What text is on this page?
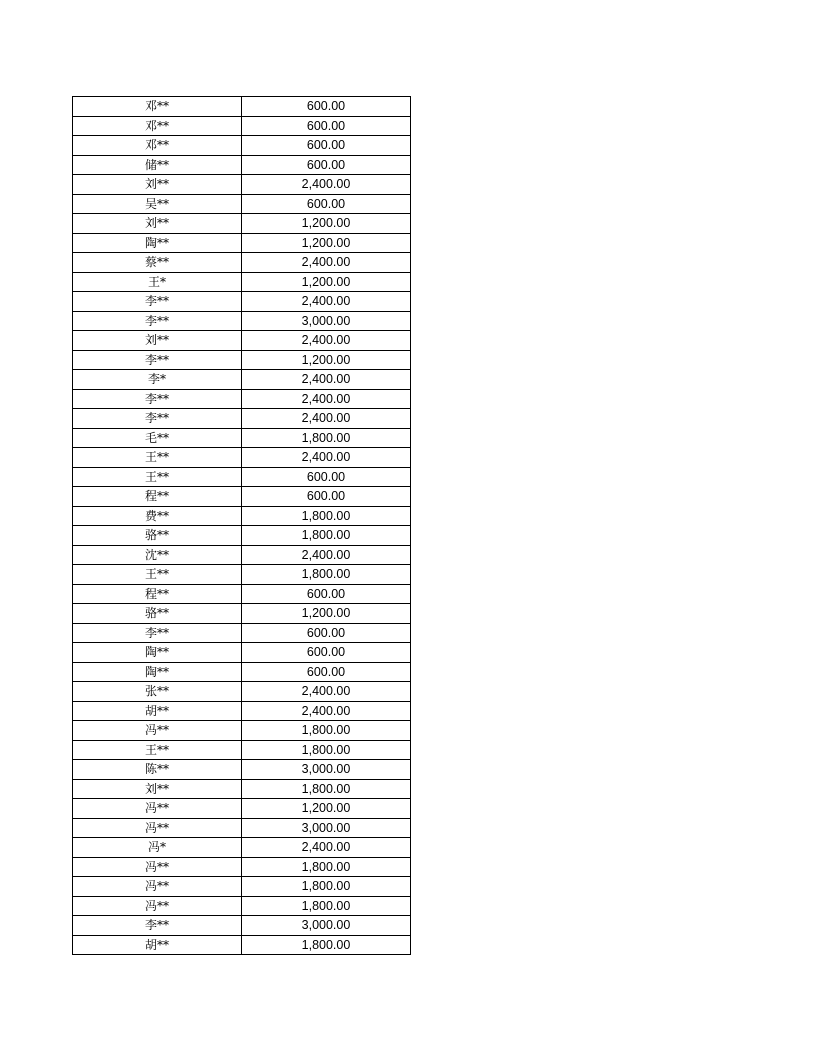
邓**	600.00
邓**	600.00
邓**	600.00
储**	600.00
刘**	2,400.00
吴**	600.00
刘**	1,200.00
陶**	1,200.00
蔡**	2,400.00
王*	1,200.00
李**	2,400.00
李**	3,000.00
刘**	2,400.00
李**	1,200.00
李*	2,400.00
李**	2,400.00
李**	2,400.00
毛**	1,800.00
王**	2,400.00
王**	600.00
程**	600.00
费**	1,800.00
骆**	1,800.00
沈**	2,400.00
王**	1,800.00
程**	600.00
骆**	1,200.00
李**	600.00
陶**	600.00
陶**	600.00
张**	2,400.00
胡**	2,400.00
冯**	1,800.00
王**	1,800.00
陈**	3,000.00
刘**	1,800.00
冯**	1,200.00
冯**	3,000.00
冯*	2,400.00
冯**	1,800.00
冯**	1,800.00
冯**	1,800.00
李**	3,000.00
胡**	1,800.00
